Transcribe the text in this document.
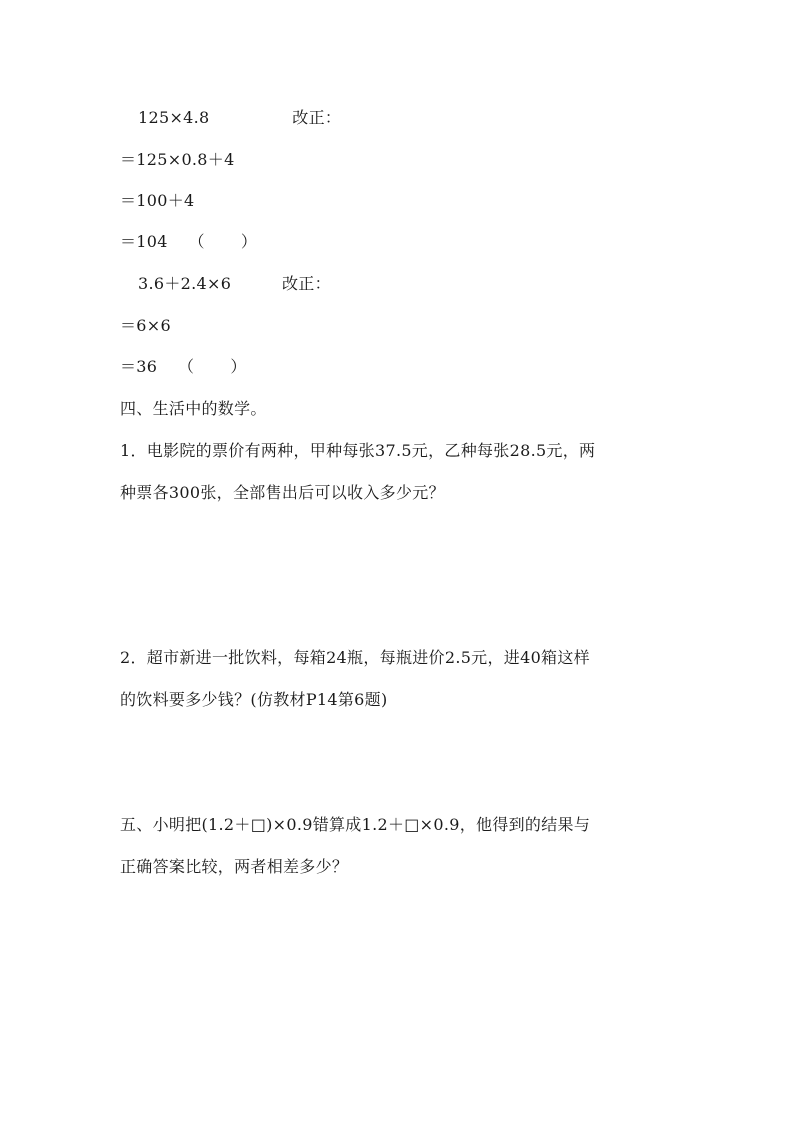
125×4.8	改正：
＝125×0.8＋4
＝100＋4
＝104 （ ）
3.6＋2.4×6	改正：
＝6×6
＝36 （ ）
四、生活中的数学。
1．电影院的票价有两种，甲种每张37.5元，乙种每张28.5元，两
种票各300张，全部售出后可以收入多少元？
2．超市新进一批饮料，每箱24瓶，每瓶进价2.5元，进40箱这样
的饮料要多少钱？(仿教材P14第6题)
五、小明把(1.2＋□)×0.9错算成1.2＋□×0.9，他得到的结果与
正确答案比较，两者相差多少？
